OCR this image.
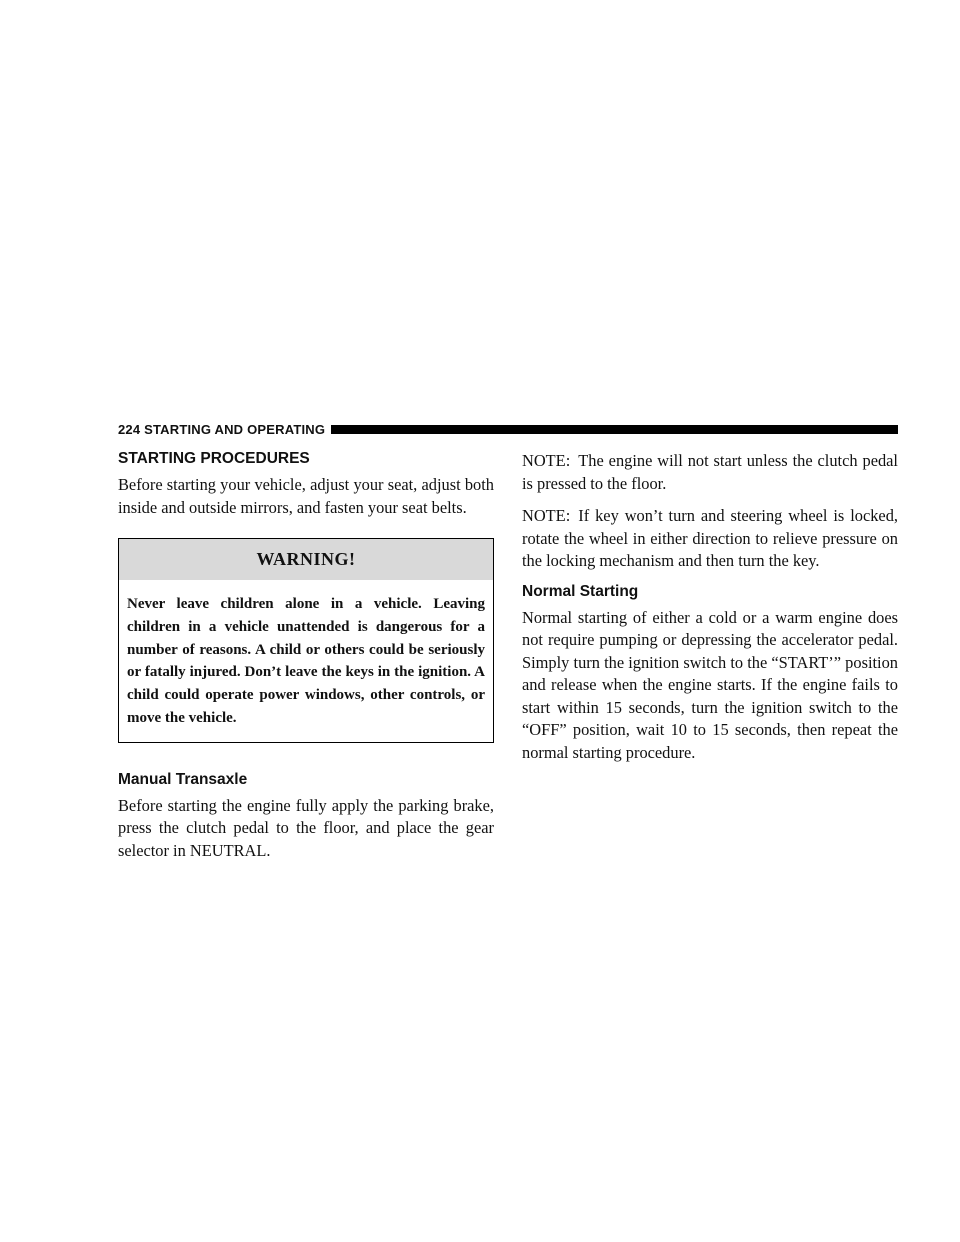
224 STARTING AND OPERATING
STARTING PROCEDURES

Before starting your vehicle, adjust your seat, adjust both inside and outside mirrors, and fasten your seat belts.

WARNING!
Never leave children alone in a vehicle. Leaving children in a vehicle unattended is dangerous for a number of reasons. A child or others could be seriously or fatally injured. Don’t leave the keys in the ignition. A child could operate power windows, other controls, or move the vehicle.
Manual Transaxle

Before starting the engine fully apply the parking brake, press the clutch pedal to the floor, and place the gear selector in NEUTRAL.

NOTE: The engine will not start unless the clutch pedal is pressed to the floor.

NOTE: If key won’t turn and steering wheel is locked, rotate the wheel in either direction to relieve pressure on the locking mechanism and then turn the key.

Normal Starting

Normal starting of either a cold or a warm engine does not require pumping or depressing the accelerator pedal. Simply turn the ignition switch to the “START’” position and release when the engine starts. If the engine fails to start within 15 seconds, turn the ignition switch to the “OFF” position, wait 10 to 15 seconds, then repeat the normal starting procedure.
